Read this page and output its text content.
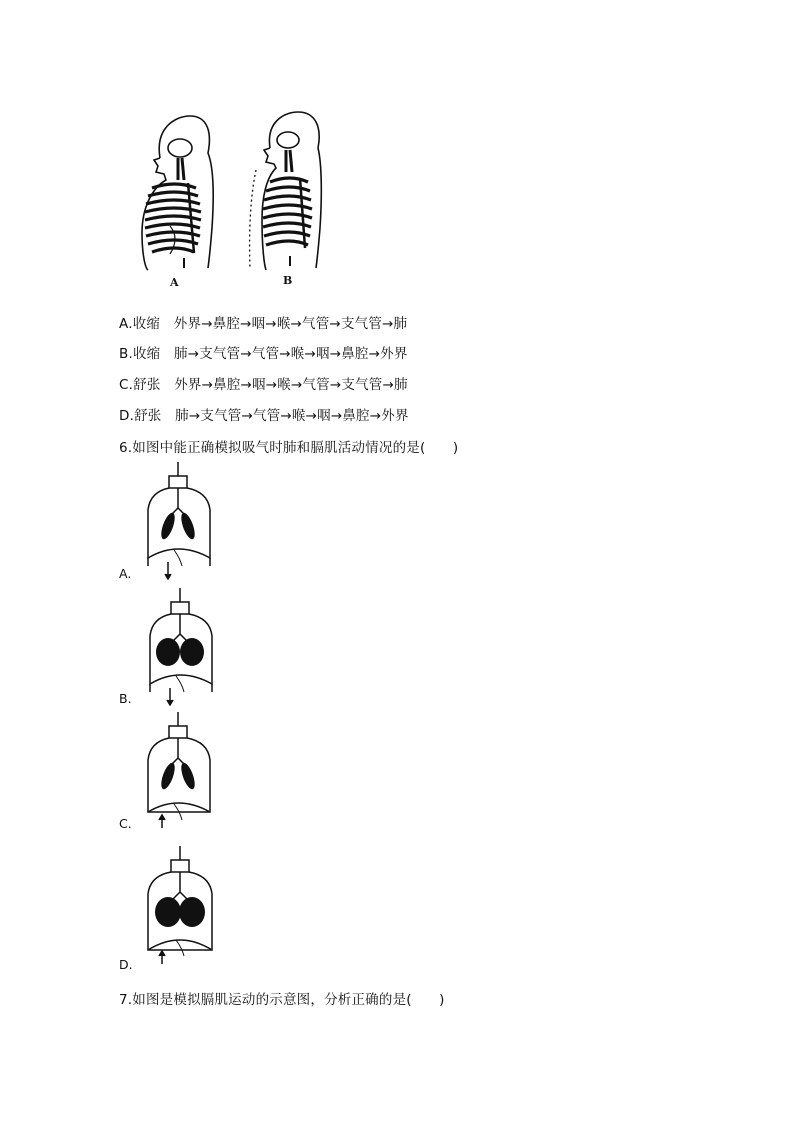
A	B
A.收缩　外界→鼻腔→咽→喉→气管→支气管→肺
B.收缩　肺→支气管→气管→喉→咽→鼻腔→外界
C.舒张　外界→鼻腔→咽→喉→气管→支气管→肺
D.舒张　肺→支气管→气管→喉→咽→鼻腔→外界
6.如图中能正确模拟吸气时肺和膈肌活动情况的是(　　)
A.
B.
C.
D.
7.如图是模拟膈肌运动的示意图，分析正确的是(　　)
